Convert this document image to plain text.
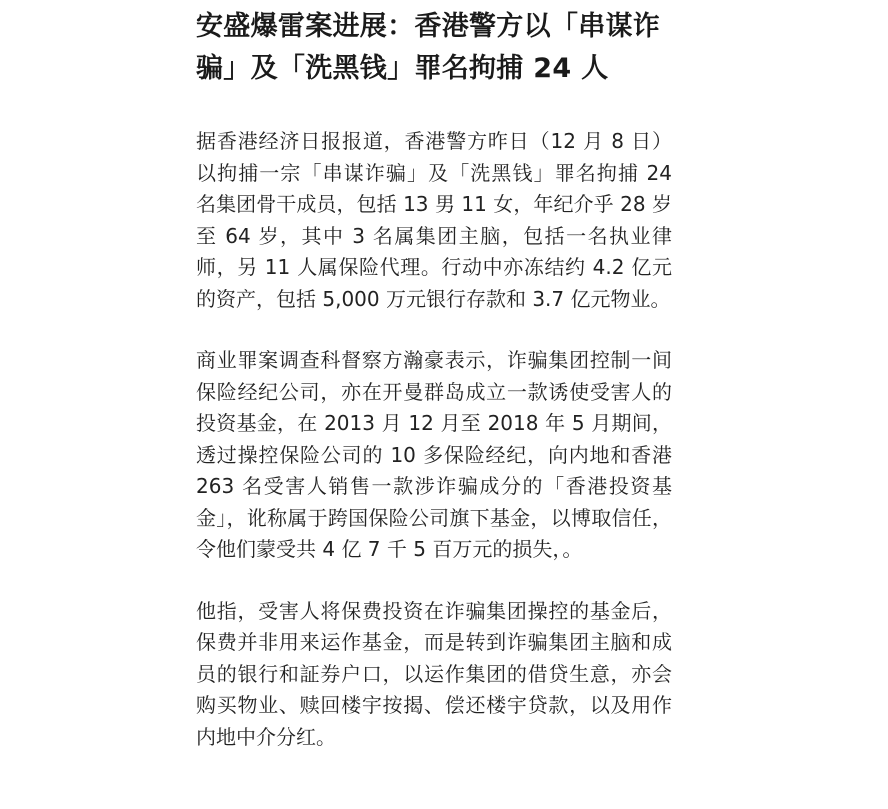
安盛爆雷案进展：香港警方以「串谋诈骗」及「洗黑钱」罪名拘捕 24 人

据香港经济日报报道，香港警方昨日（12 月 8 日）以拘捕一宗「串谋诈骗」及「洗黑钱」罪名拘捕 24 名集团骨干成员，包括 13 男 11 女，年纪介乎 28 岁至 64 岁，其中 3 名属集团主脑，包括一名执业律师，另 11 人属保险代理。行动中亦冻结约 4.2 亿元的资产，包括 5,000 万元银行存款和 3.7 亿元物业。

商业罪案调查科督察方瀚豪表示，诈骗集团控制一间保险经纪公司，亦在开曼群岛成立一款诱使受害人的投资基金，在 2013 月 12 月至 2018 年 5 月期间，透过操控保险公司的 10 多保险经纪，向内地和香港 263 名受害人销售一款涉诈骗成分的「香港投资基金」，讹称属于跨国保险公司旗下基金，以博取信任，令他们蒙受共 4 亿 7 千 5 百万元的损失，。

他指，受害人将保费投资在诈骗集团操控的基金后，保费并非用来运作基金，而是转到诈骗集团主脑和成员的银行和証券户口，以运作集团的借贷生意，亦会购买物业、赎回楼宇按揭、偿还楼宇贷款，以及用作内地中介分红。
